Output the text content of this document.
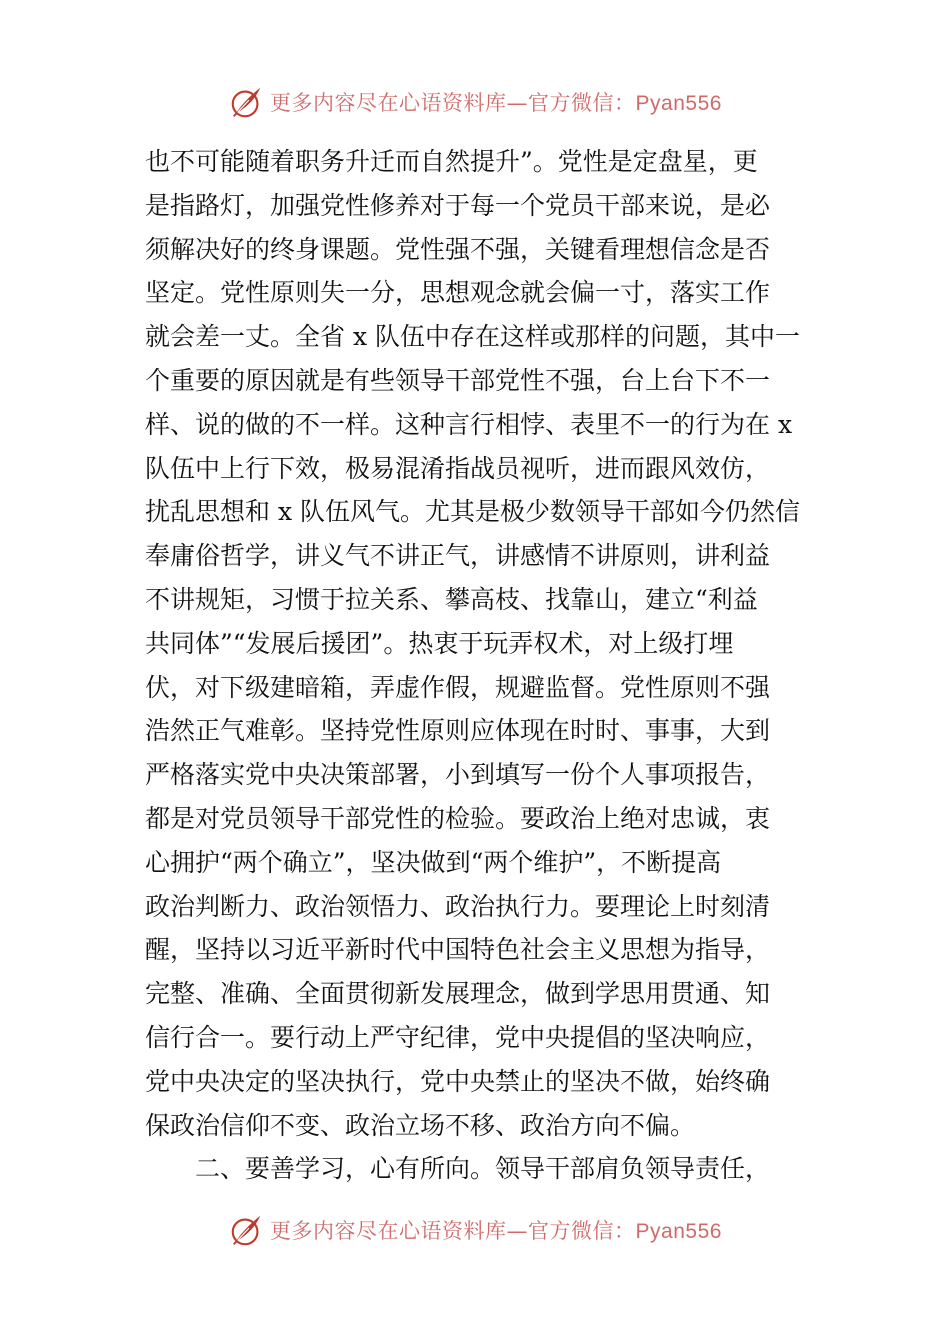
更多内容尽在心语资料库—官方微信：Pyan556
也不可能随着职务升迁而自然提升”。党性是定盘星，更
是指路灯，加强党性修养对于每一个党员干部来说，是必
须解决好的终身课题。党性强不强，关键看理想信念是否
坚定。党性原则失一分，思想观念就会偏一寸，落实工作
就会差一丈。全省 x 队伍中存在这样或那样的问题，其中一
个重要的原因就是有些领导干部党性不强，台上台下不一
样、说的做的不一样。这种言行相悖、表里不一的行为在 x
队伍中上行下效，极易混淆指战员视听，进而跟风效仿，
扰乱思想和 x 队伍风气。尤其是极少数领导干部如今仍然信
奉庸俗哲学，讲义气不讲正气，讲感情不讲原则，讲利益
不讲规矩，习惯于拉关系、攀高枝、找靠山，建立“利益
共同体”“发展后援团”。热衷于玩弄权术，对上级打埋
伏，对下级建暗箱，弄虚作假，规避监督。党性原则不强
浩然正气难彰。坚持党性原则应体现在时时、事事，大到
严格落实党中央决策部署，小到填写一份个人事项报告，
都是对党员领导干部党性的检验。要政治上绝对忠诚，衷
心拥护“两个确立”，坚决做到“两个维护”，不断提高
政治判断力、政治领悟力、政治执行力。要理论上时刻清
醒，坚持以习近平新时代中国特色社会主义思想为指导，
完整、准确、全面贯彻新发展理念，做到学思用贯通、知
信行合一。要行动上严守纪律，党中央提倡的坚决响应，
党中央决定的坚决执行，党中央禁止的坚决不做，始终确
保政治信仰不变、政治立场不移、政治方向不偏。
二、要善学习，心有所向。领导干部肩负领导责任，
更多内容尽在心语资料库—官方微信：Pyan556
